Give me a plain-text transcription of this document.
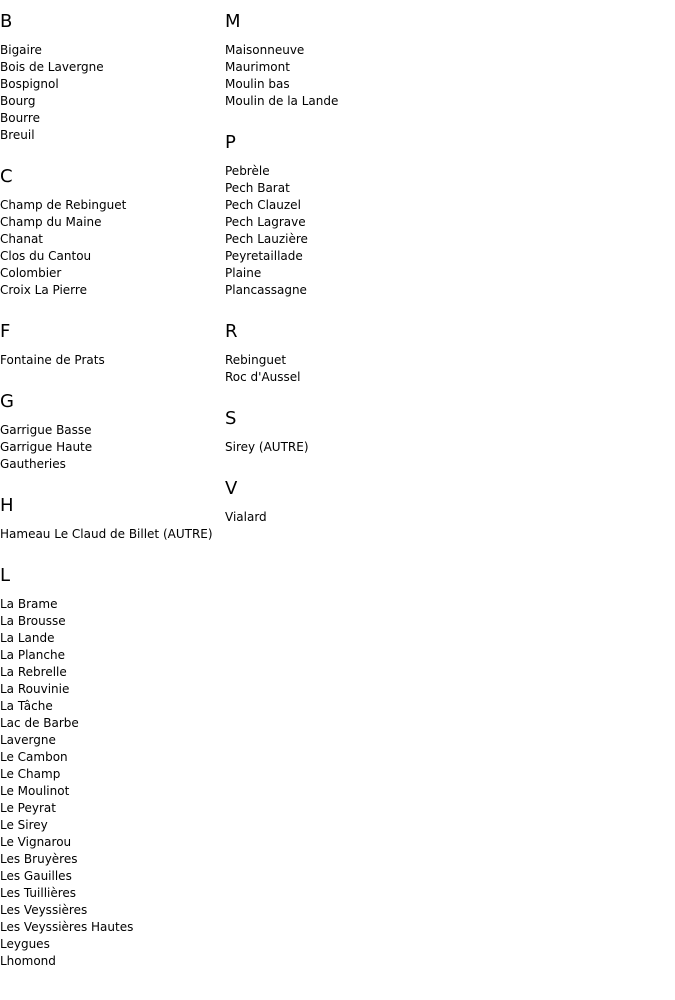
B
Bigaire
Bois de Lavergne
Bospignol
Bourg
Bourre
Breuil
C
Champ de Rebinguet
Champ du Maine
Chanat
Clos du Cantou
Colombier
Croix La Pierre
F
Fontaine de Prats
G
Garrigue Basse
Garrigue Haute
Gautheries
H
Hameau Le Claud de Billet (AUTRE)
L
La Brame
La Brousse
La Lande
La Planche
La Rebrelle
La Rouvinie
La Tâche
Lac de Barbe
Lavergne
Le Cambon
Le Champ
Le Moulinot
Le Peyrat
Le Sirey
Le Vignarou
Les Bruyères
Les Gauilles
Les Tuillières
Les Veyssières
Les Veyssières Hautes
Leygues
Lhomond
M
Maisonneuve
Maurimont
Moulin bas
Moulin de la Lande
P
Pebrèle
Pech Barat
Pech Clauzel
Pech Lagrave
Pech Lauzière
Peyretaillade
Plaine
Plancassagne
R
Rebinguet
Roc d'Aussel
S
Sirey (AUTRE)
V
Vialard
